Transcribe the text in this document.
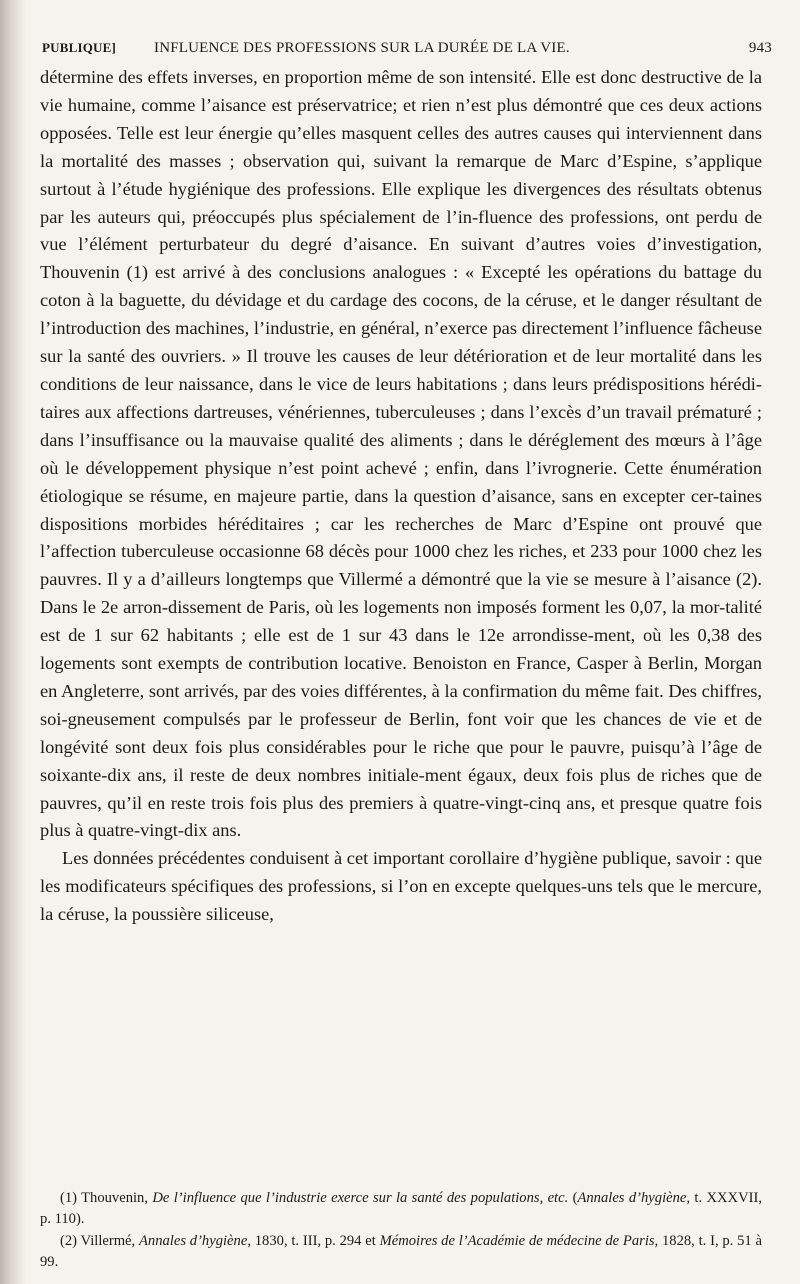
PUBLIQUE]	INFLUENCE DES PROFESSIONS SUR LA DURÉE DE LA VIE.	943

détermine des effets inverses, en proportion même de son intensité. Elle est donc destructive de la vie humaine, comme l’aisance est préservatrice; et rien n’est plus démontré que ces deux actions opposées. Telle est leur énergie qu’elles masquent celles des autres causes qui interviennent dans la mortalité des masses ; observation qui, suivant la remarque de Marc d’Espine, s’applique surtout à l’étude hygiénique des professions. Elle explique les divergences des résultats obtenus par les auteurs qui, préoccupés plus spécialement de l’in-fluence des professions, ont perdu de vue l’élément perturbateur du degré d’aisance. En suivant d’autres voies d’investigation, Thouvenin (1) est arrivé à des conclusions analogues : « Excepté les opérations du battage du coton à la baguette, du dévidage et du cardage des cocons, de la céruse, et le danger résultant de l’introduction des machines, l’industrie, en général, n’exerce pas directement l’influence fâcheuse sur la santé des ouvriers. » Il trouve les causes de leur détérioration et de leur mortalité dans les conditions de leur naissance, dans le vice de leurs habitations ; dans leurs prédispositions hérédi-taires aux affections dartreuses, vénériennes, tuberculeuses ; dans l’excès d’un travail prématuré ; dans l’insuffisance ou la mauvaise qualité des aliments ; dans le déréglement des mœurs à l’âge où le développement physique n’est point achevé ; enfin, dans l’ivrognerie. Cette énumération étiologique se résume, en majeure partie, dans la question d’aisance, sans en excepter cer-taines dispositions morbides héréditaires ; car les recherches de Marc d’Espine ont prouvé que l’affection tuberculeuse occasionne 68 décès pour 1000 chez les riches, et 233 pour 1000 chez les pauvres. Il y a d’ailleurs longtemps que Villermé a démontré que la vie se mesure à l’aisance (2). Dans le 2e arron-dissement de Paris, où les logements non imposés forment les 0,07, la mor-talité est de 1 sur 62 habitants ; elle est de 1 sur 43 dans le 12e arrondisse-ment, où les 0,38 des logements sont exempts de contribution locative. Benoiston en France, Casper à Berlin, Morgan en Angleterre, sont arrivés, par des voies différentes, à la confirmation du même fait. Des chiffres, soi-gneusement compulsés par le professeur de Berlin, font voir que les chances de vie et de longévité sont deux fois plus considérables pour le riche que pour le pauvre, puisqu’à l’âge de soixante-dix ans, il reste de deux nombres initiale-ment égaux, deux fois plus de riches que de pauvres, qu’il en reste trois fois plus des premiers à quatre-vingt-cinq ans, et presque quatre fois plus à quatre-vingt-dix ans.

Les données précédentes conduisent à cet important corollaire d’hygiène publique, savoir : que les modificateurs spécifiques des professions, si l’on en excepte quelques-uns tels que le mercure, la céruse, la poussière siliceuse,

(1) Thouvenin, De l’influence que l’industrie exerce sur la santé des populations, etc. (Annales d’hygiène, t. XXXVII, p. 110).

(2) Villermé, Annales d’hygiène, 1830, t. III, p. 294 et Mémoires de l’Académie de médecine de Paris, 1828, t. I, p. 51 à 99.
